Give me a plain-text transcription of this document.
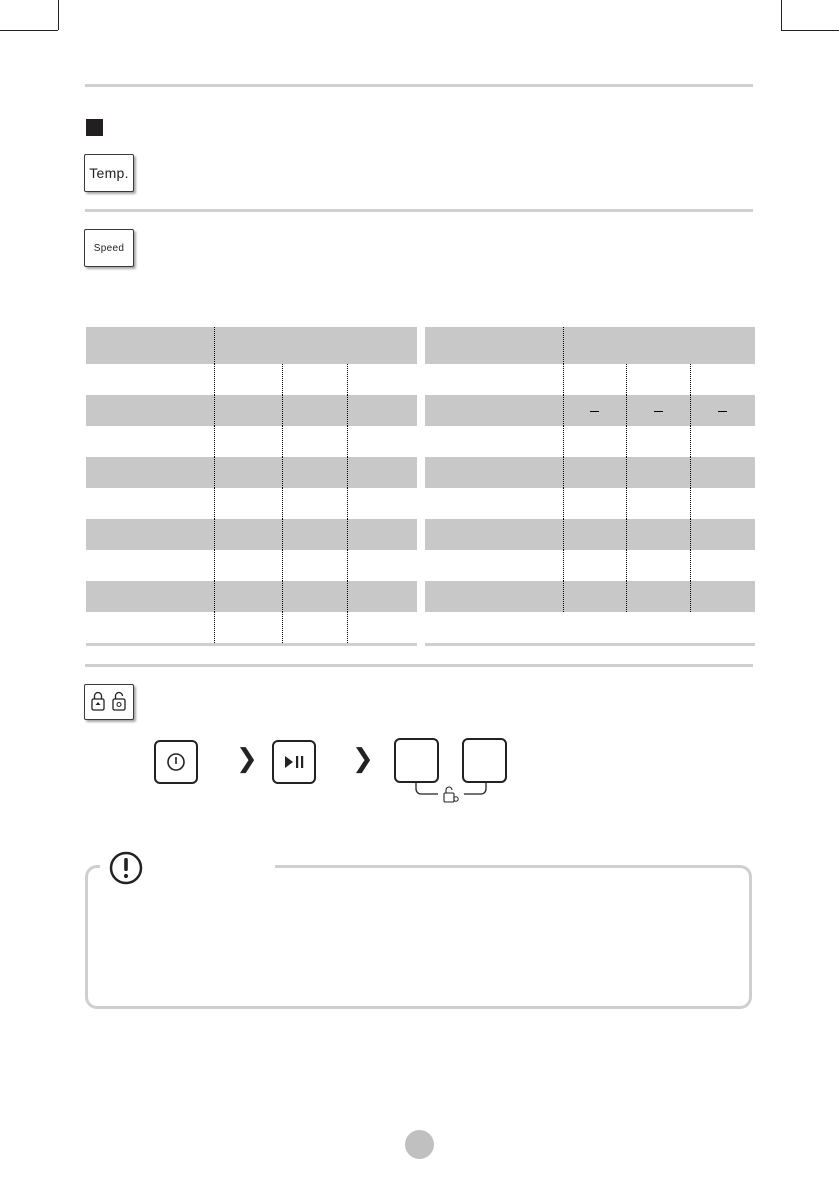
Temp.
Speed

❯	❯
